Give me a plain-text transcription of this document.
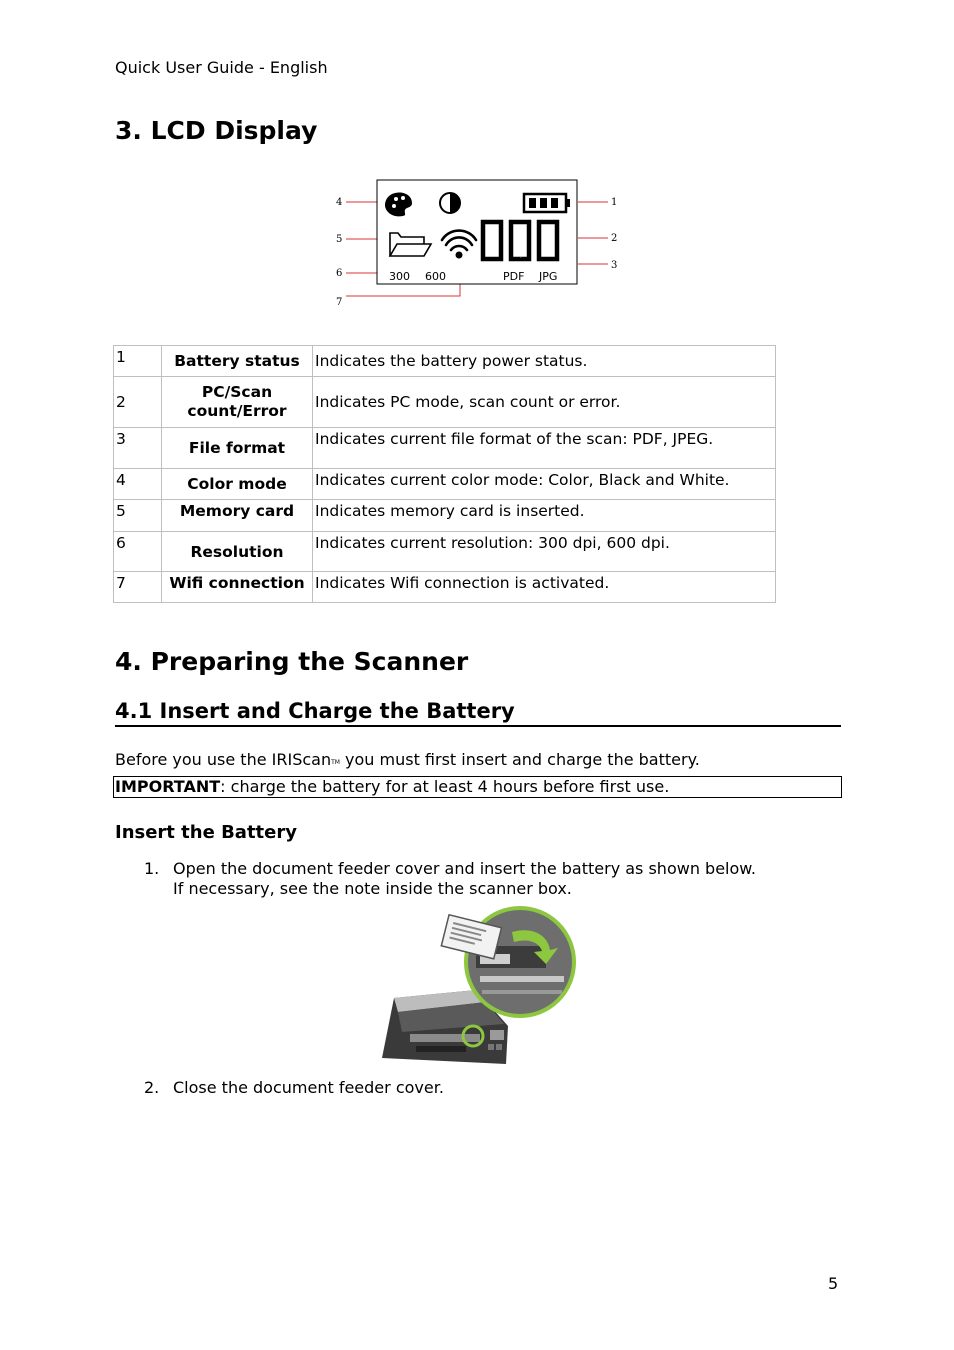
Quick User Guide - English
3. LCD Display
4
5
6
7
1
2
3
000
300 600	PDF JPG
1	Battery status	Indicates the battery power status.
2	PC/Scan count/Error	Indicates PC mode, scan count or error.
3	File format	Indicates current file format of the scan: PDF, JPEG.
4	Color mode	Indicates current color mode: Color, Black and White.
5	Memory card	Indicates memory card is inserted.
6	Resolution	Indicates current resolution: 300 dpi, 600 dpi.
7	Wifi connection	Indicates Wifi connection is activated.
4. Preparing the Scanner
4.1 Insert and Charge the Battery
Before you use the IRIScanTM you must first insert and charge the battery.
IMPORTANT: charge the battery for at least 4 hours before first use.
Insert the Battery
1. Open the document feeder cover and insert the battery as shown below.
If necessary, see the note inside the scanner box.
2. Close the document feeder cover.
5
